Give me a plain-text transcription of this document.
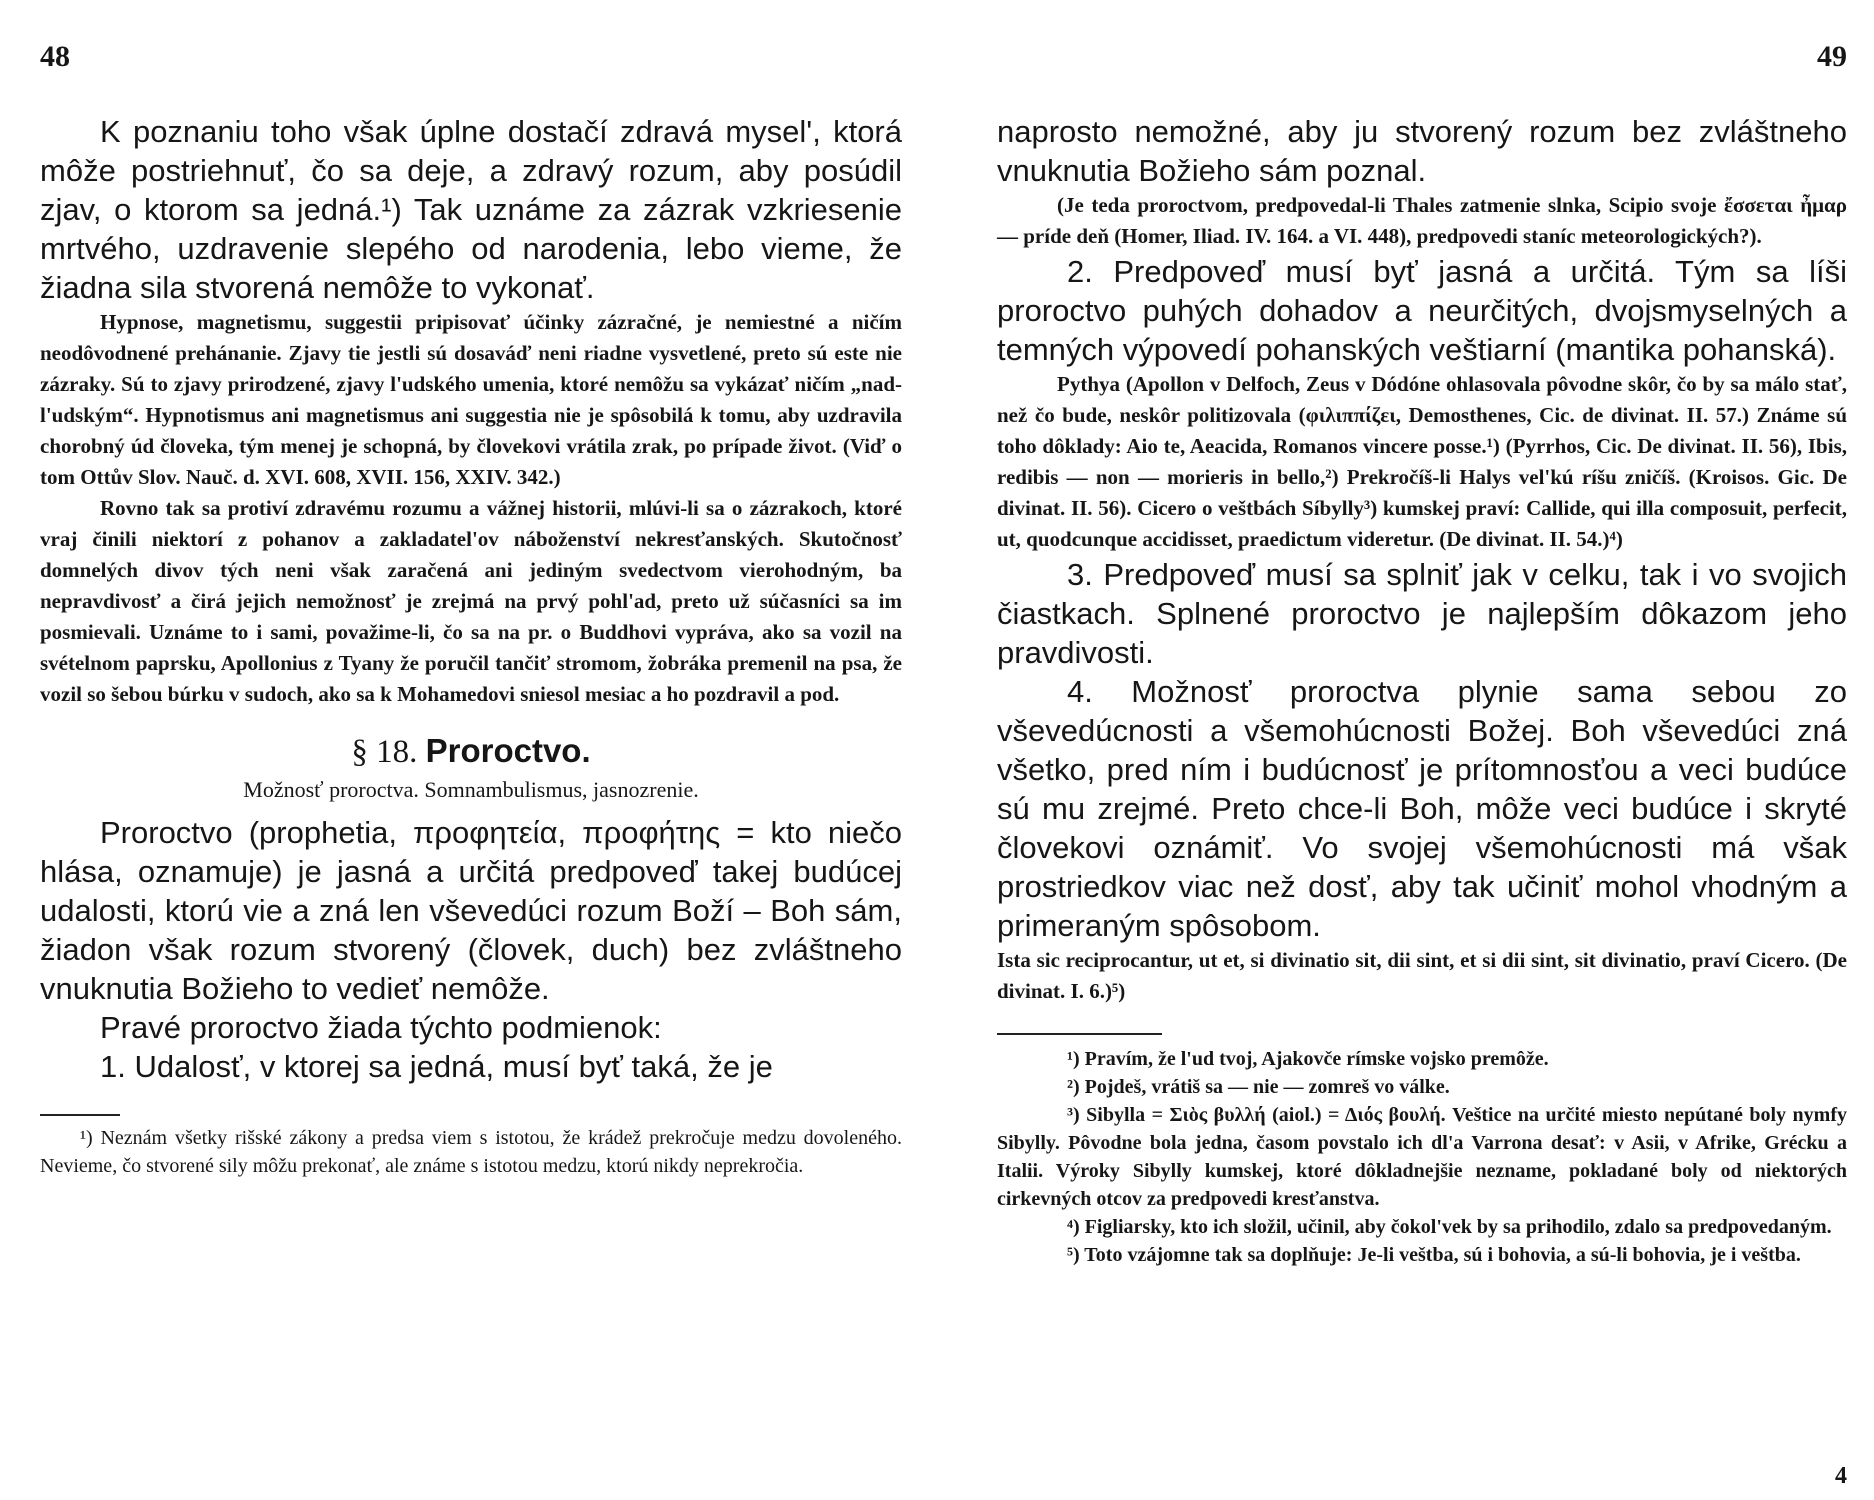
48

K poznaniu toho však úplne dostačí zdravá mysel', ktorá môže postriehnuť, čo sa deje, a zdravý rozum, aby posúdil zjav, o ktorom sa jedná.¹) Tak uznáme za zázrak vzkriesenie mrtvého, uzdravenie slepého od narodenia, lebo vieme, že žiadna sila stvorená nemôže to vykonať.

Hypnose, magnetismu, suggestii pripisovať účinky zázračné, je nemiestné a ničím neodôvodnené prehánanie. Zjavy tie jestli sú dosaváď neni riadne vysvetlené, preto sú este nie zázraky. Sú to zjavy prirodzené, zjavy l'udského umenia, ktoré nemôžu sa vykázať ničím „nad-l'udským“. Hypnotismus ani magnetismus ani suggestia nie je spôsobilá k tomu, aby uzdravila chorobný úd človeka, tým menej je schopná, by človekovi vrátila zrak, po prípade život. (Viď o tom Ottův Slov. Nauč. d. XVI. 608, XVII. 156, XXIV. 342.)

Rovno tak sa protiví zdravému rozumu a vážnej historii, mlúvi-li sa o zázrakoch, ktoré vraj činili niektorí z pohanov a zakladatel'ov náboženství nekresťanských. Skutočnosť domnelých divov tých neni však zaračená ani jediným svedectvom vierohodným, ba nepravdivosť a čirá jejich nemožnosť je zrejmá na prvý pohl'ad, preto už súčasníci sa im posmievali. Uznáme to i sami, považime-li, čo sa na pr. o Buddhovi vypráva, ako sa vozil na svételnom paprsku, Apollonius z Tyany že poručil tančiť stromom, žobráka premenil na psa, že vozil so šebou búrku v sudoch, ako sa k Mohamedovi sniesol mesiac a ho pozdravil a pod.

§ 18. Proroctvo.
Možnosť proroctva. Somnambulismus, jasnozrenie.

Proroctvo (prophetia, προφητεία, προφήτης = kto niečo hlása, oznamuje) je jasná a určitá predpoveď takej budúcej udalosti, ktorú vie a zná len vševedúci rozum Boží – Boh sám, žiadon však rozum stvorený (človek, duch) bez zvláštneho vnuknutia Božieho to vedieť nemôže.

Pravé proroctvo žiada týchto podmienok:

1. Udalosť, v ktorej sa jedná, musí byť taká, že je

¹) Neznám všetky rišské zákony a predsa viem s istotou, že krádež prekročuje medzu dovoleného. Nevieme, čo stvorené sily môžu prekonať, ale známe s istotou medzu, ktorú nikdy neprekročia.

49

naprosto nemožné, aby ju stvorený rozum bez zvláštneho vnuknutia Božieho sám poznal.

(Je teda proroctvom, predpovedal-li Thales zatmenie slnka, Scipio svoje ἔσσεται ἦμαρ — príde deň (Homer, Iliad. IV. 164. a VI. 448), predpovedi staníc meteorologických?).

2. Predpoveď musí byť jasná a určitá. Tým sa líši proroctvo puhých dohadov a neurčitých, dvojsmyselných a temných výpovedí pohanských veštiarní (mantika pohanská).

Pythya (Apollon v Delfoch, Zeus v Dódóne ohlasovala pôvodne skôr, čo by sa málo stať, než čo bude, neskôr politizovala (φιλιππίζει, Demosthenes, Cic. de divinat. II. 57.) Známe sú toho dôklady: Aio te, Aeacida, Romanos vincere posse.¹) (Pyrrhos, Cic. De divinat. II. 56), Ibis, redibis — non — morieris in bello,²) Prekročíš-li Halys vel'kú ríšu zničíš. (Kroisos. Gic. De divinat. II. 56). Cicero o veštbách Síbylly³) kumskej praví: Callide, qui illa composuit, perfecit, ut, quodcunque accidisset, praedictum videretur. (De divinat. II. 54.)⁴)

3. Predpoveď musí sa splniť jak v celku, tak i vo svojich čiastkach. Splnené proroctvo je najlepším dôkazom jeho pravdivosti.

4. Možnosť proroctva plynie sama sebou zo vševedúcnosti a všemohúcnosti Božej. Boh vševedúci zná všetko, pred ním i budúcnosť je prítomnosťou a veci budúce sú mu zrejmé. Preto chce-li Boh, môže veci budúce i skryté človekovi oznámiť. Vo svojej všemohúcnosti má však prostriedkov viac než dosť, aby tak učiniť mohol vhodným a primeraným spôsobom.

Ista sic reciprocantur, ut et, si divinatio sit, dii sint, et si dii sint, sit divinatio, praví Cicero. (De divinat. I. 6.)⁵)

¹) Pravím, že l'ud tvoj, Ajakovče rímske vojsko premôže.

²) Pojdeš, vrátiš sa — nie — zomreš vo válke.

³) Sibylla = Σιὸς βυλλή (aiol.) = Διός βουλή. Veštice na určité miesto nepútané boly nymfy Sibylly. Pôvodne bola jedna, časom povstalo ich dl'a Varrona desať: v Asii, v Afrike, Grécku a Italii. Výroky Sibylly kumskej, ktoré dôkladnejšie nezname, pokladané boly od niektorých cirkevných otcov za predpovedi kresťanstva.

⁴) Figliarsky, kto ich složil, učinil, aby čokol'vek by sa prihodilo, zdalo sa predpovedaným.

⁵) Toto vzájomne tak sa doplňuje: Je-li veštba, sú i bohovia, a sú-li bohovia, je i veštba.

4
